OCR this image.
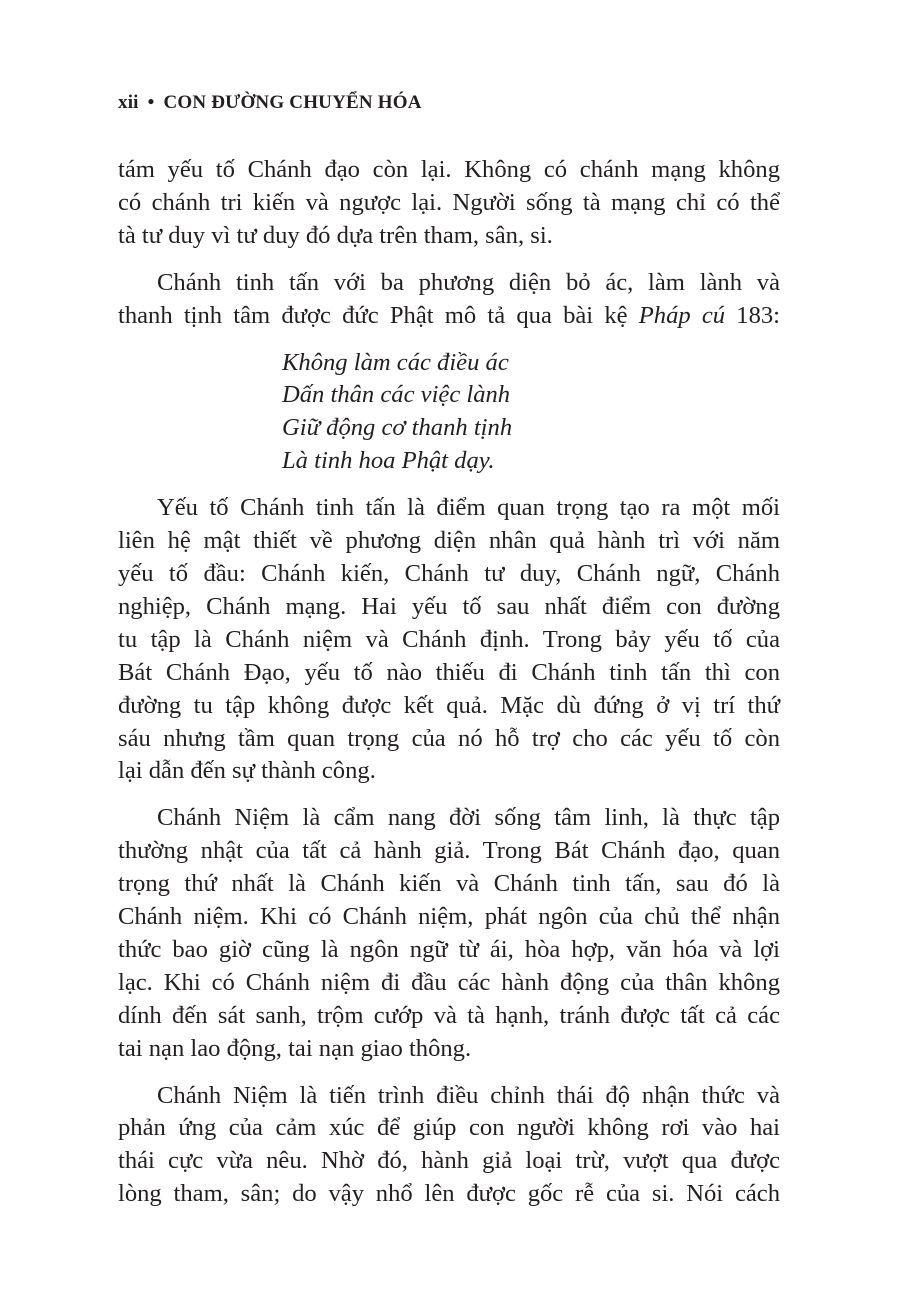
xii • CON ĐƯỜNG CHUYỂN HÓA
tám yếu tố Chánh đạo còn lại. Không có chánh mạng không
có chánh tri kiến và ngược lại. Người sống tà mạng chỉ có thể
tà tư duy vì tư duy đó dựa trên tham, sân, si.
Chánh tinh tấn với ba phương diện bỏ ác, làm lành và
thanh tịnh tâm được đức Phật mô tả qua bài kệ Pháp cú 183:
Không làm các điều ác
Dấn thân các việc lành
Giữ động cơ thanh tịnh
Là tinh hoa Phật dạy.
Yếu tố Chánh tinh tấn là điểm quan trọng tạo ra một mối
liên hệ mật thiết về phương diện nhân quả hành trì với năm
yếu tố đầu: Chánh kiến, Chánh tư duy, Chánh ngữ, Chánh
nghiệp, Chánh mạng. Hai yếu tố sau nhất điểm con đường
tu tập là Chánh niệm và Chánh định. Trong bảy yếu tố của
Bát Chánh Đạo, yếu tố nào thiếu đi Chánh tinh tấn thì con
đường tu tập không được kết quả. Mặc dù đứng ở vị trí thứ
sáu nhưng tầm quan trọng của nó hỗ trợ cho các yếu tố còn
lại dẫn đến sự thành công.
Chánh Niệm là cẩm nang đời sống tâm linh, là thực tập
thường nhật của tất cả hành giả. Trong Bát Chánh đạo, quan
trọng thứ nhất là Chánh kiến và Chánh tinh tấn, sau đó là
Chánh niệm. Khi có Chánh niệm, phát ngôn của chủ thể nhận
thức bao giờ cũng là ngôn ngữ từ ái, hòa hợp, văn hóa và lợi
lạc. Khi có Chánh niệm đi đầu các hành động của thân không
dính đến sát sanh, trộm cướp và tà hạnh, tránh được tất cả các
tai nạn lao động, tai nạn giao thông.
Chánh Niệm là tiến trình điều chỉnh thái độ nhận thức và
phản ứng của cảm xúc để giúp con người không rơi vào hai
thái cực vừa nêu. Nhờ đó, hành giả loại trừ, vượt qua được
lòng tham, sân; do vậy nhổ lên được gốc rễ của si. Nói cách
